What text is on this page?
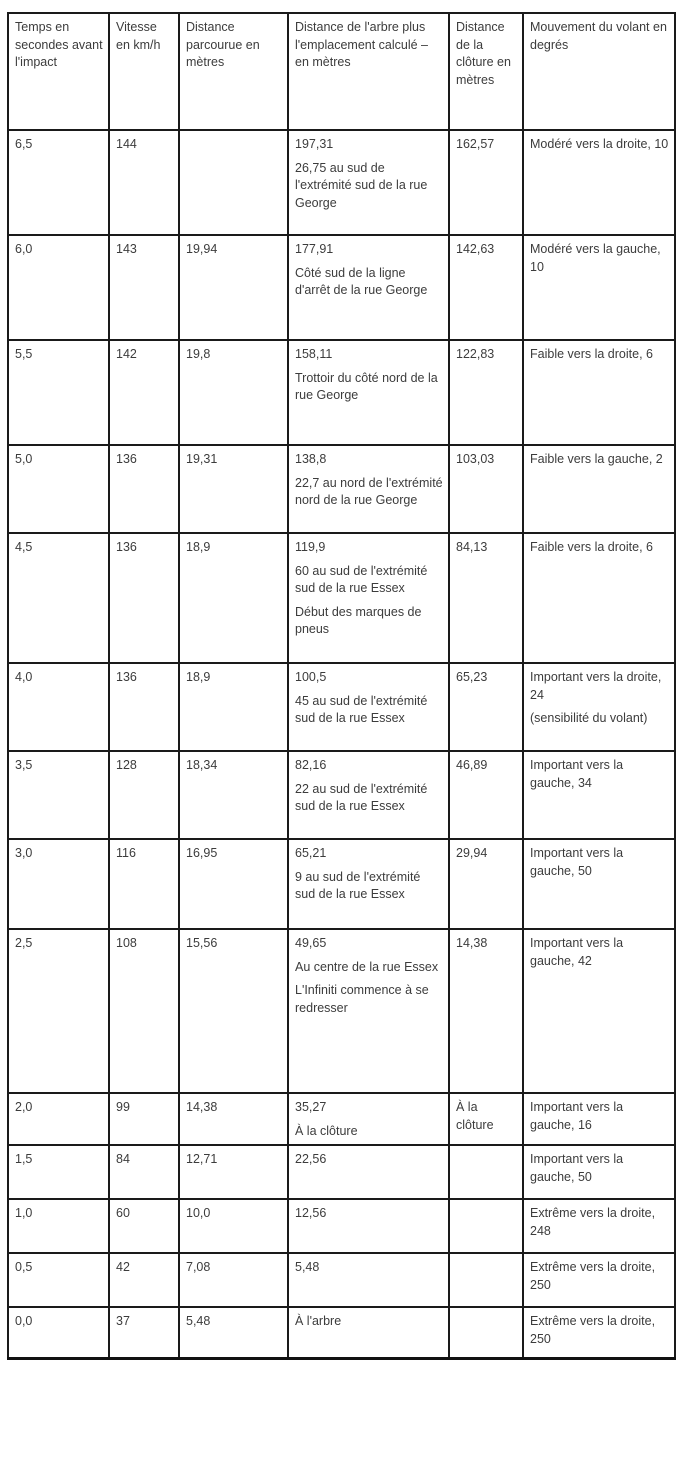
Temps en secondes avant l'impact	Vitesse en km/h	Distance parcourue en mètres	Distance de l'arbre plus l'emplacement calculé – en mètres	Distance de la clôture en mètres	Mouvement du volant en degrés
6,5	144		197,31
26,75 au sud de l'extrémité sud de la rue George	162,57	Modéré vers la droite, 10

6,0	143	19,94	177,91
Côté sud de la ligne d'arrêt de la rue George	142,63	Modéré vers la gauche, 10

5,5	142	19,8	158,11
Trottoir du côté nord de la rue George	122,83	Faible vers la droite, 6

5,0	136	19,31	138,8
22,7 au nord de l'extrémité nord de la rue George	103,03	Faible vers la gauche, 2

4,5	136	18,9	119,9
60 au sud de l'extrémité sud de la rue Essex
Début des marques de pneus	84,13	Faible vers la droite, 6

4,0	136	18,9	100,5
45 au sud de l'extrémité sud de la rue Essex	65,23	Important vers la droite, 24
(sensibilité du volant)

3,5	128	18,34	82,16
22 au sud de l'extrémité sud de la rue Essex	46,89	Important vers la gauche, 34

3,0	116	16,95	65,21
9 au sud de l'extrémité sud de la rue Essex	29,94	Important vers la gauche, 50

2,5	108	15,56	49,65
Au centre de la rue Essex
L'Infiniti commence à se redresser	14,38	Important vers la gauche, 42

2,0	99	14,38	35,27
À la clôture	À la clôture	Important vers la gauche, 16

1,5	84	12,71	22,56		Important vers la gauche, 50

1,0	60	10,0	12,56		Extrême vers la droite, 248

0,5	42	7,08	5,48		Extrême vers la droite, 250

0,0	37	5,48	À l'arbre		Extrême vers la droite, 250
